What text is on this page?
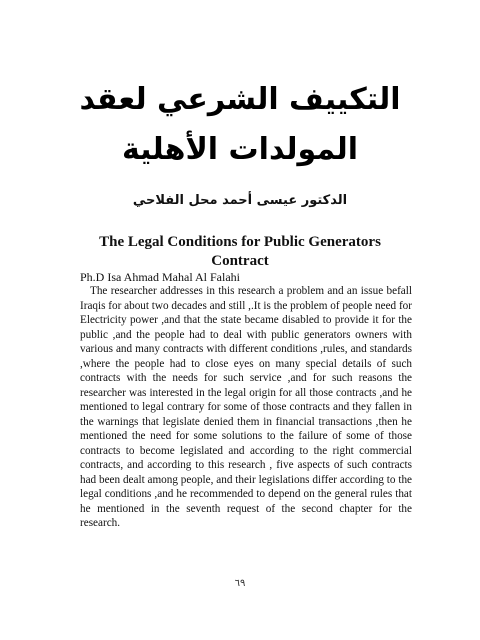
التكييف الشرعي لعقد
المولدات الأهلية
الدكتور عيسى أحمد محل الفلاحي
The Legal Conditions for Public Generators Contract
Ph.D Isa Ahmad Mahal Al Falahi
The researcher addresses in this research a problem and an issue befall Iraqis for about two decades and still ,.It is the problem of people need for Electricity power ,and that the state became disabled to provide it for the public ,and the people had to deal with public generators owners with various and many contracts with different conditions ,rules, and standards ,where the people had to close eyes on many special details of such contracts with the needs for such service ,and for such reasons the researcher was interested in the legal origin for all those contracts ,and he mentioned to legal contrary for some of those contracts and they fallen in the warnings that legislate denied them in financial transactions ,then he mentioned the need for some solutions to the failure of some of those contracts to become legislated and according to the right commercial contracts, and according to this research , five aspects of such contracts had been dealt among people, and their legislations differ according to the legal conditions ,and he recommended to depend on the general rules that he mentioned in the seventh request of the second chapter for the research.
٦٩
